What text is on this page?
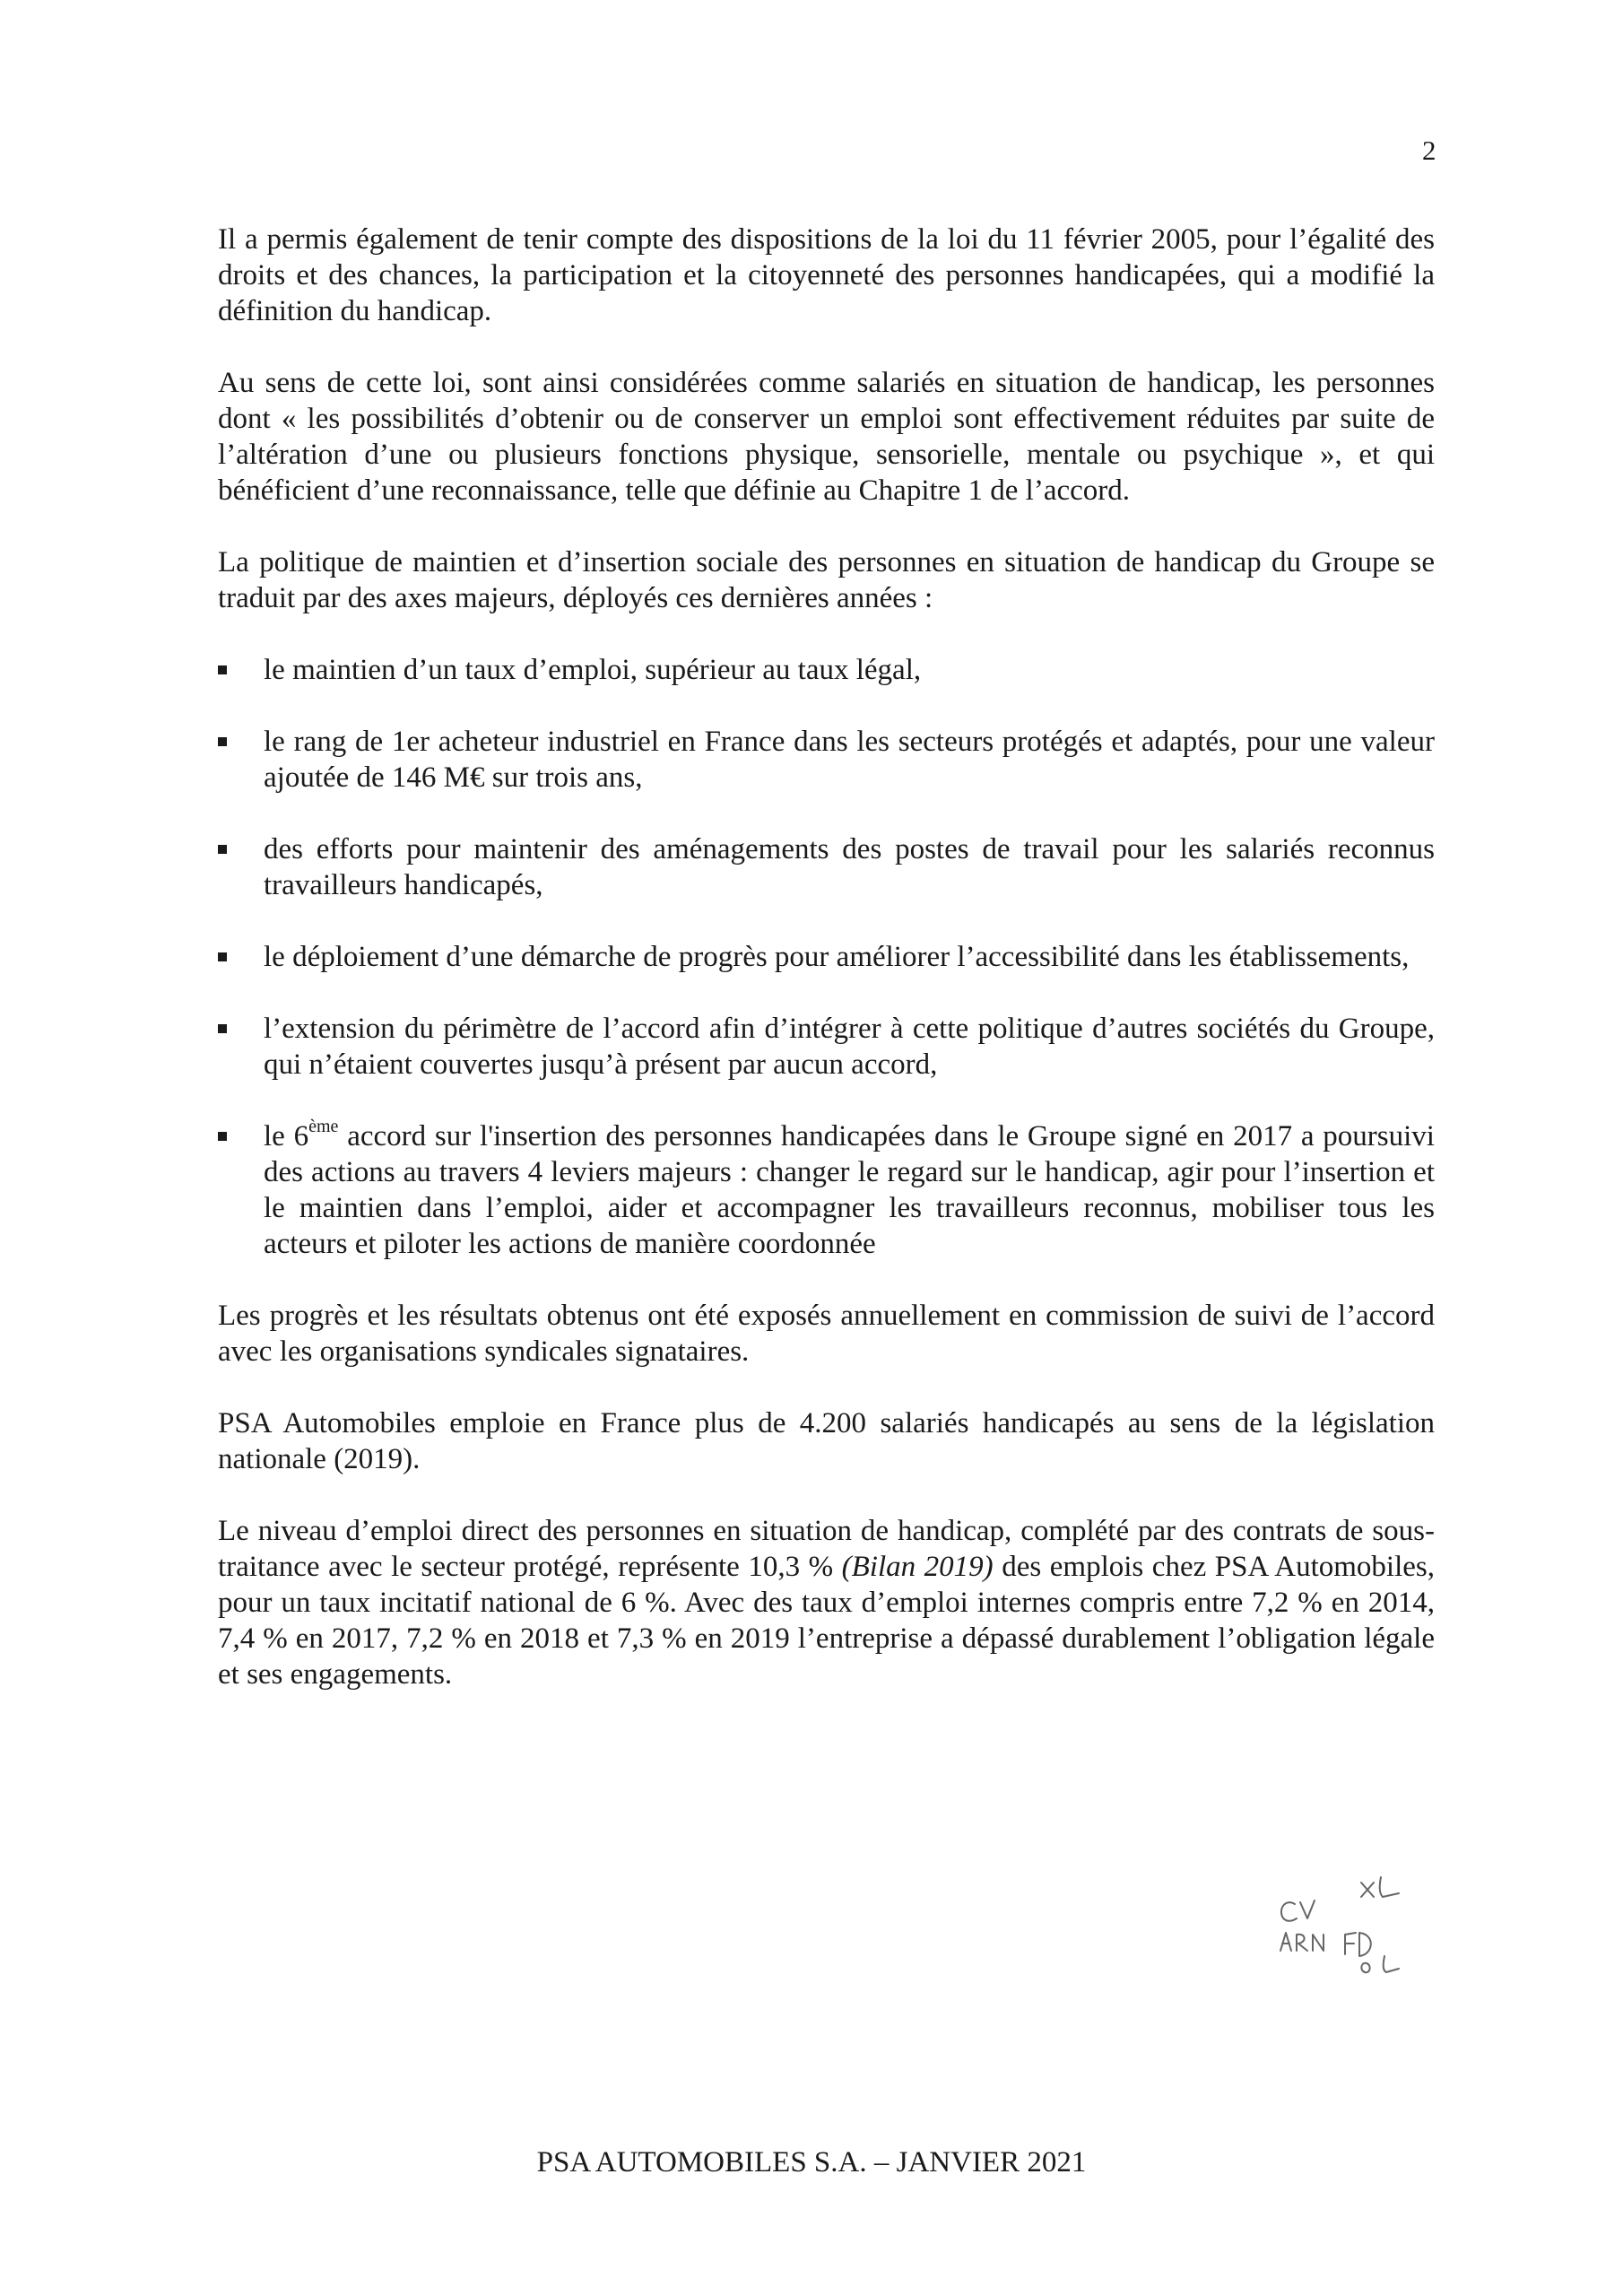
2

Il a permis également de tenir compte des dispositions de la loi du 11 février 2005, pour l’égalité des droits et des chances, la participation et la citoyenneté des personnes handicapées, qui a modifié la définition du handicap.

Au sens de cette loi, sont ainsi considérées comme salariés en situation de handicap, les personnes dont « les possibilités d’obtenir ou de conserver un emploi sont effectivement réduites par suite de l’altération d’une ou plusieurs fonctions physique, sensorielle, mentale ou psychique », et qui bénéficient d’une reconnaissance, telle que définie au Chapitre 1 de l’accord.

La politique de maintien et d’insertion sociale des personnes en situation de handicap du Groupe se traduit par des axes majeurs, déployés ces dernières années :

le maintien d’un taux d’emploi, supérieur au taux légal,
le rang de 1er acheteur industriel en France dans les secteurs protégés et adaptés, pour une valeur ajoutée de 146 M€ sur trois ans,
des efforts pour maintenir des aménagements des postes de travail pour les salariés reconnus travailleurs handicapés,
le déploiement d’une démarche de progrès pour améliorer l’accessibilité dans les établissements,
l’extension du périmètre de l’accord afin d’intégrer à cette politique d’autres sociétés du Groupe, qui n’étaient couvertes jusqu’à présent par aucun accord,
le 6ème accord sur l'insertion des personnes handicapées dans le Groupe signé en 2017 a poursuivi des actions au travers 4 leviers majeurs : changer le regard sur le handicap, agir pour l’insertion et le maintien dans l’emploi, aider et accompagner les travailleurs reconnus, mobiliser tous les acteurs et piloter les actions de manière coordonnée

Les progrès et les résultats obtenus ont été exposés annuellement en commission de suivi de l’accord avec les organisations syndicales signataires.

PSA Automobiles emploie en France plus de 4.200 salariés handicapés au sens de la législation nationale (2019).

Le niveau d’emploi direct des personnes en situation de handicap, complété par des contrats de sous-traitance avec le secteur protégé, représente 10,3 % (Bilan 2019) des emplois chez PSA Automobiles, pour un taux incitatif national de 6 %. Avec des taux d’emploi internes compris entre 7,2 % en 2014, 7,4 % en 2017, 7,2 % en 2018 et 7,3 % en 2019 l’entreprise a dépassé durablement l’obligation légale et ses engagements.

PSA AUTOMOBILES S.A. – JANVIER 2021
